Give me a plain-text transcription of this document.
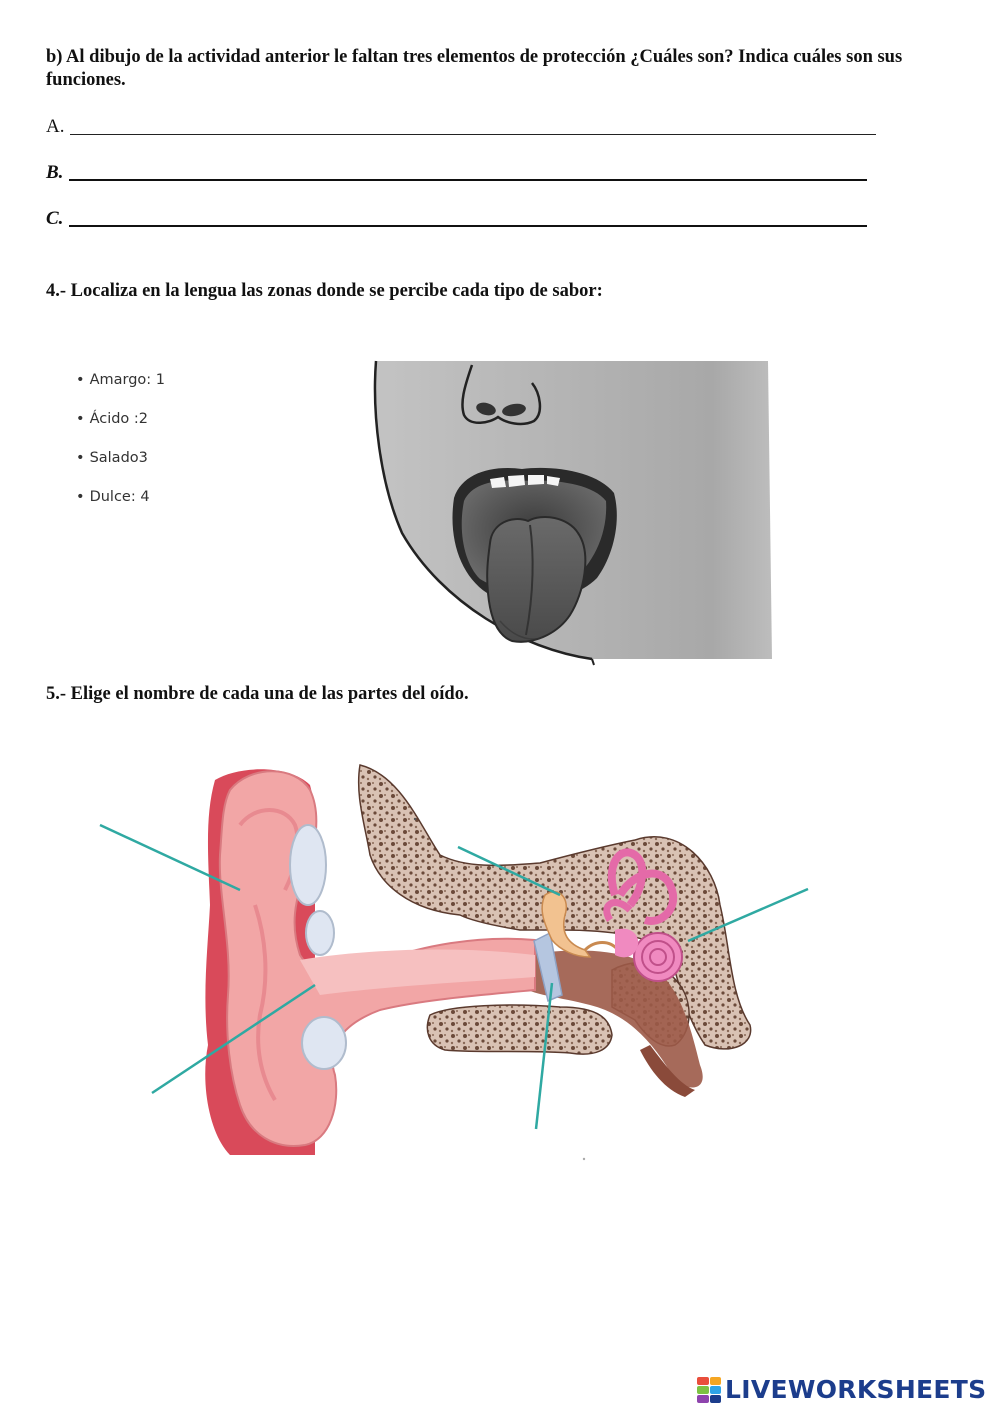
b) Al dibujo de la actividad anterior le faltan tres elementos de protección ¿Cuáles son? Indica cuáles son sus funciones.
A.
B.
C.
4.- Localiza en la lengua las zonas donde se percibe cada tipo de sabor:
• Amargo: 1
• Ácido :2
• Salado3
• Dulce: 4
5.- Elige el nombre de cada una de las partes del oído.
LIVEWORKSHEETS
